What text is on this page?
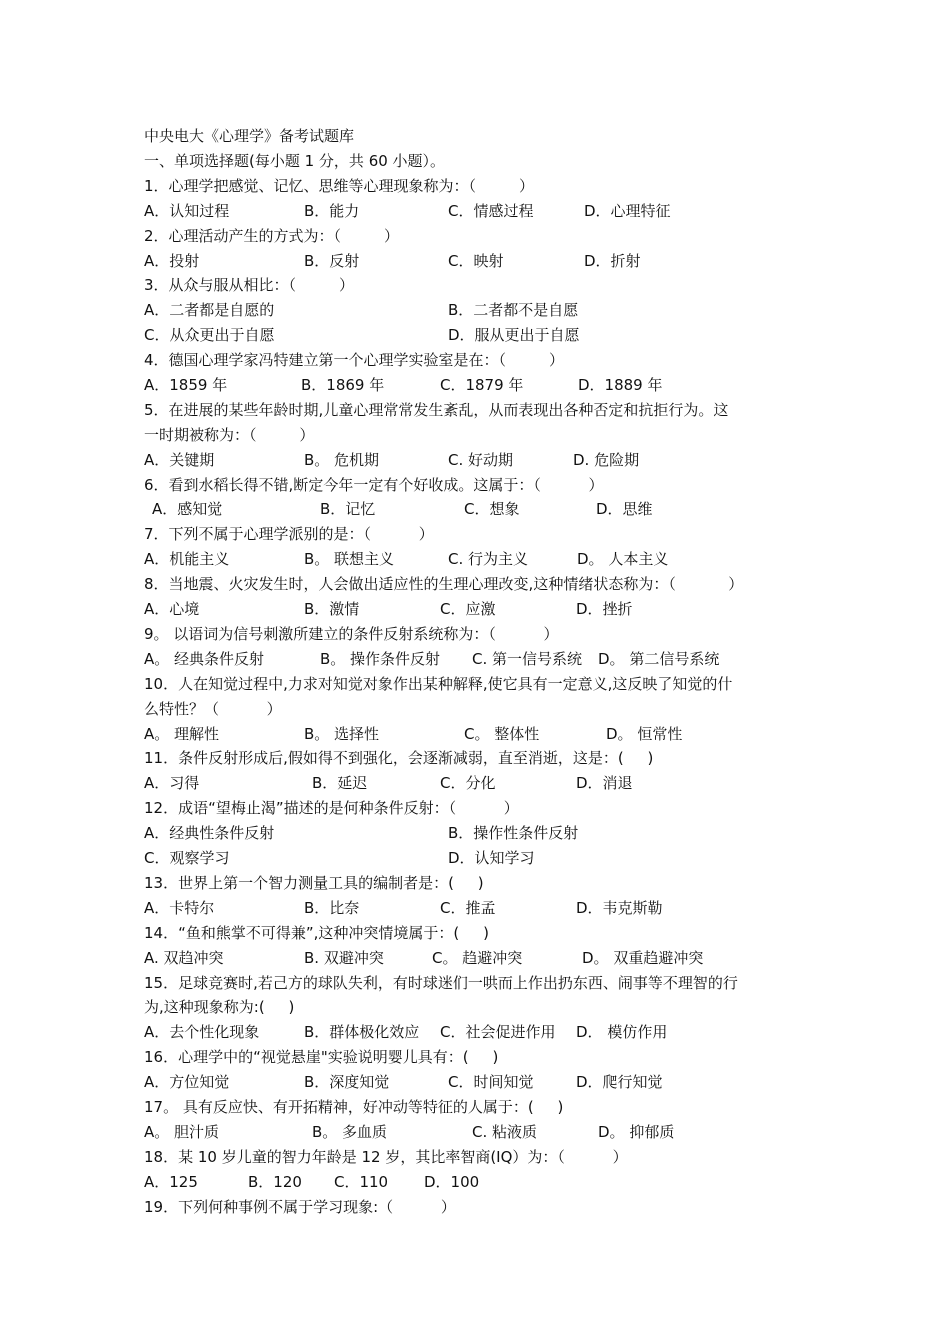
中央电大《心理学》备考试题库
一、单项选择题(每小题 1 分，共 60 小题）。
1．心理学把感觉、记忆、思维等心理现象称为：（         ）
A．认知过程	B．能力	C．情感过程	D．心理特征
2．心理活动产生的方式为：（         ）
A．投射	B．反射	C．映射	D．折射
3．从众与服从相比：（         ）
A．二者都是自愿的	B．二者都不是自愿
C．从众更出于自愿	D．服从更出于自愿
4．德国心理学家冯特建立第一个心理学实验室是在：（         ）
A．1859 年	B．1869 年	C．1879 年	D．1889 年
5．在进展的某些年龄时期,儿童心理常常发生紊乱，从而表现出各种否定和抗拒行为。这
一时期被称为：（         ）
A．关键期	B。 危机期	C. 好动期	D. 危险期
6．看到水稻长得不错,断定今年一定有个好收成。这属于：（          ）
A．感知觉	B．记忆	C．想象	D．思维
7．下列不属于心理学派别的是：（          ）
A．机能主义	B。 联想主义	C. 行为主义	D。 人本主义
8．当地震、火灾发生时，人会做出适应性的生理心理改变,这种情绪状态称为：（           ）
A．心境	B．激情	C．应激	D．挫折
9。 以语词为信号刺激所建立的条件反射系统称为：（          ）
A。 经典条件反射	B。 操作条件反射 C. 第一信号系统 D。 第二信号系统
10．人在知觉过程中,力求对知觉对象作出某种解释,使它具有一定意义,这反映了知觉的什
么特性？（          ）
A。 理解性	B。 选择性	C。 整体性	D。 恒常性
11．条件反射形成后,假如得不到强化，会逐渐减弱，直至消逝，这是：(     )
A．习得	B．延迟	C．分化	D．消退
12．成语“望梅止渴”描述的是何种条件反射：（          ）
A．经典性条件反射	B．操作性条件反射
C．观察学习	D．认知学习
13．世界上第一个智力测量工具的编制者是：(     )
A．卡特尔	B．比奈	C．推孟	D．韦克斯勒
14．“鱼和熊掌不可得兼”,这种冲突情境属于：(     )
A. 双趋冲突	B. 双避冲突	C。 趋避冲突	D。 双重趋避冲突
15．足球竞赛时,若己方的球队失利，有时球迷们一哄而上作出扔东西、闹事等不理智的行
为,这种现象称为:(     )
A．去个性化现象	B．群体极化效应 C．社会促进作用 D． 模仿作用
16．心理学中的“视觉悬崖"实验说明婴儿具有：(     )
A．方位知觉	B．深度知觉	C．时间知觉	D．爬行知觉
17。 具有反应快、有开拓精神，好冲动等特征的人属于：(     )
A。 胆汁质	B。 多血质	C. 粘液质	D。 抑郁质
18．某 10 岁儿童的智力年龄是 12 岁，其比率智商(IQ）为：（          ）
A．125	B．120 C．110 D．100
19．下列何种事例不属于学习现象:（          ）
